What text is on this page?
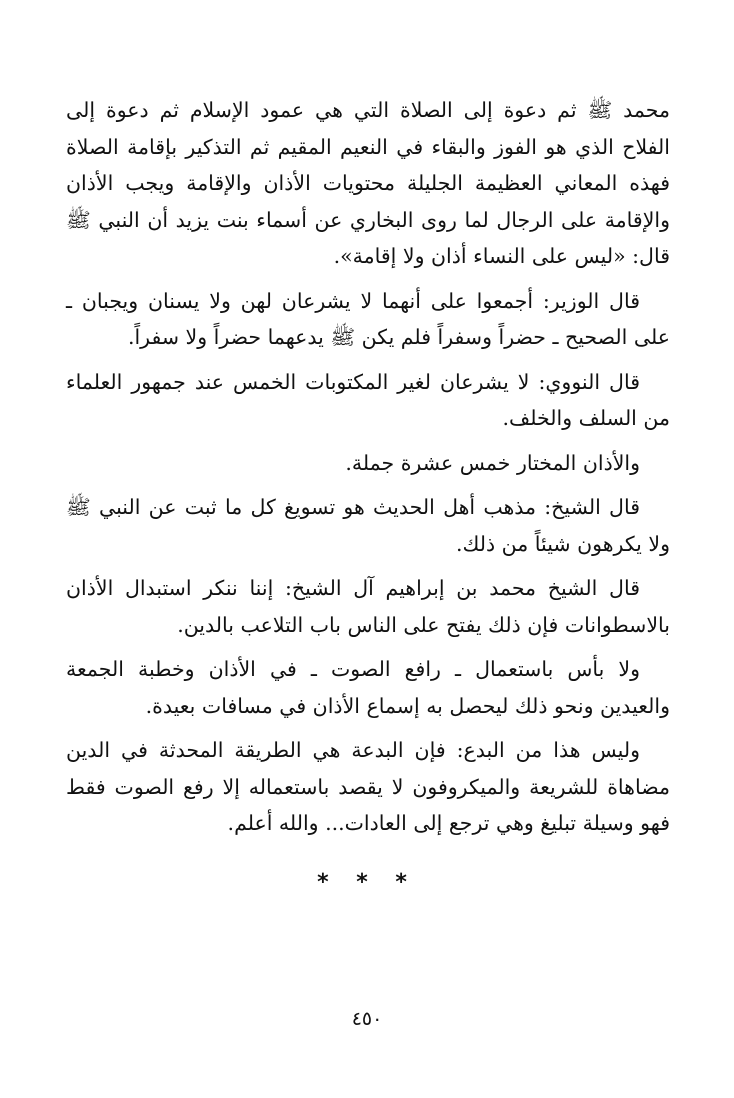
محمد ﷺ ثم دعوة إلى الصلاة التي هي عمود الإسلام ثم دعوة إلى الفلاح الذي هو الفوز والبقاء في النعيم المقيم ثم التذكير بإقامة الصلاة فهذه المعاني العظيمة الجليلة محتويات الأذان والإقامة ويجب الأذان والإقامة على الرجال لما روى البخاري عن أسماء بنت يزيد أن النبي ﷺ قال: «ليس على النساء أذان ولا إقامة».

قال الوزير: أجمعوا على أنهما لا يشرعان لهن ولا يسنان ويجبان ـ على الصحيح ـ حضراً وسفراً فلم يكن ﷺ يدعهما حضراً ولا سفراً.

قال النووي: لا يشرعان لغير المكتوبات الخمس عند جمهور العلماء من السلف والخلف.

والأذان المختار خمس عشرة جملة.

قال الشيخ: مذهب أهل الحديث هو تسويغ كل ما ثبت عن النبي ﷺ ولا يكرهون شيئاً من ذلك.

قال الشيخ محمد بن إبراهيم آل الشيخ: إننا ننكر استبدال الأذان بالاسطوانات فإن ذلك يفتح على الناس باب التلاعب بالدين.

ولا بأس باستعمال ـ رافع الصوت ـ في الأذان وخطبة الجمعة والعيدين ونحو ذلك ليحصل به إسماع الأذان في مسافات بعيدة.

وليس هذا من البدع: فإن البدعة هي الطريقة المحدثة في الدين مضاهاة للشريعة والميكروفون لا يقصد باستعماله إلا رفع الصوت فقط فهو وسيلة تبليغ وهي ترجع إلى العادات... والله أعلم.

* * *
٤٥٠
